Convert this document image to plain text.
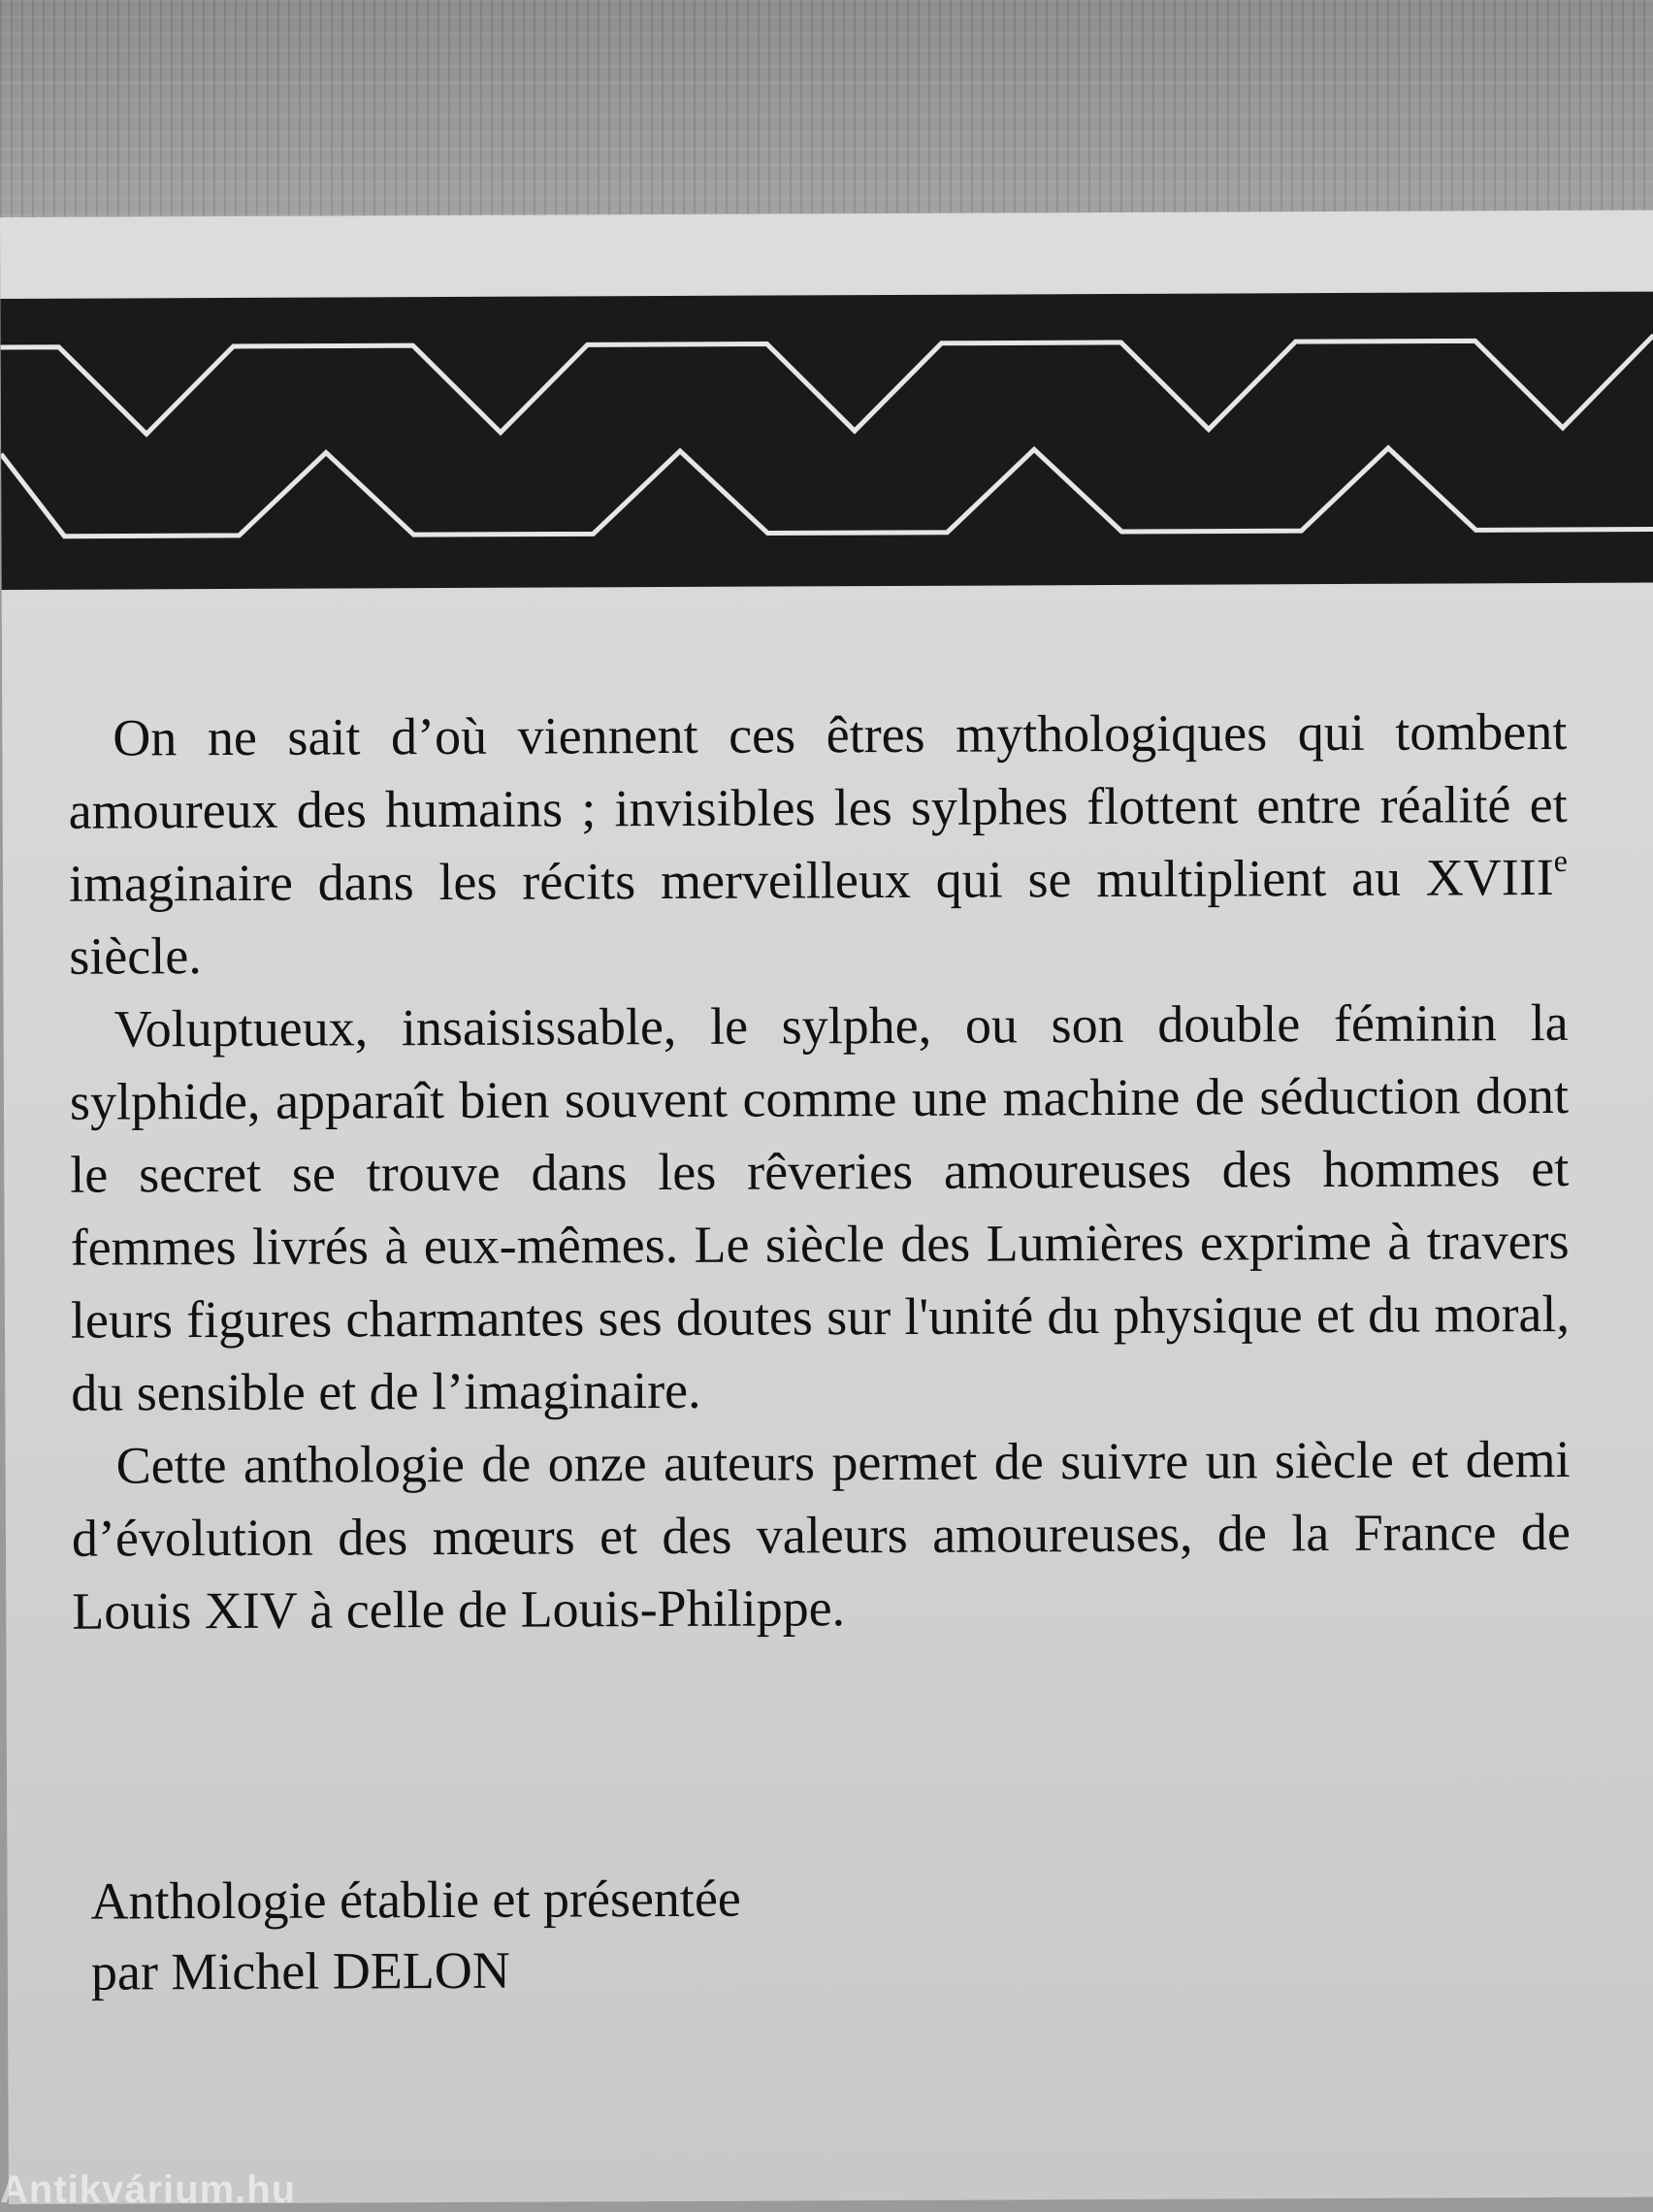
On ne sait d’où viennent ces êtres mythologiques qui tombent amoureux des humains ; invisibles les sylphes flottent entre réalité et imaginaire dans les récits merveilleux qui se multiplient au XVIIIe siècle.

Voluptueux, insaisissable, le sylphe, ou son double féminin la sylphide, apparaît bien souvent comme une machine de séduction dont le secret se trouve dans les rêveries amoureuses des hommes et femmes livrés à eux-mêmes. Le siècle des Lumières exprime à travers leurs figures charmantes ses doutes sur l'unité du physique et du moral, du sensible et de l’imaginaire.

Cette anthologie de onze auteurs permet de suivre un siècle et demi d’évolution des mœurs et des valeurs amoureuses, de la France de Louis XIV à celle de Louis-Philippe.

Anthologie établie et présentée
par Michel DELON
Antikvárium.hu
